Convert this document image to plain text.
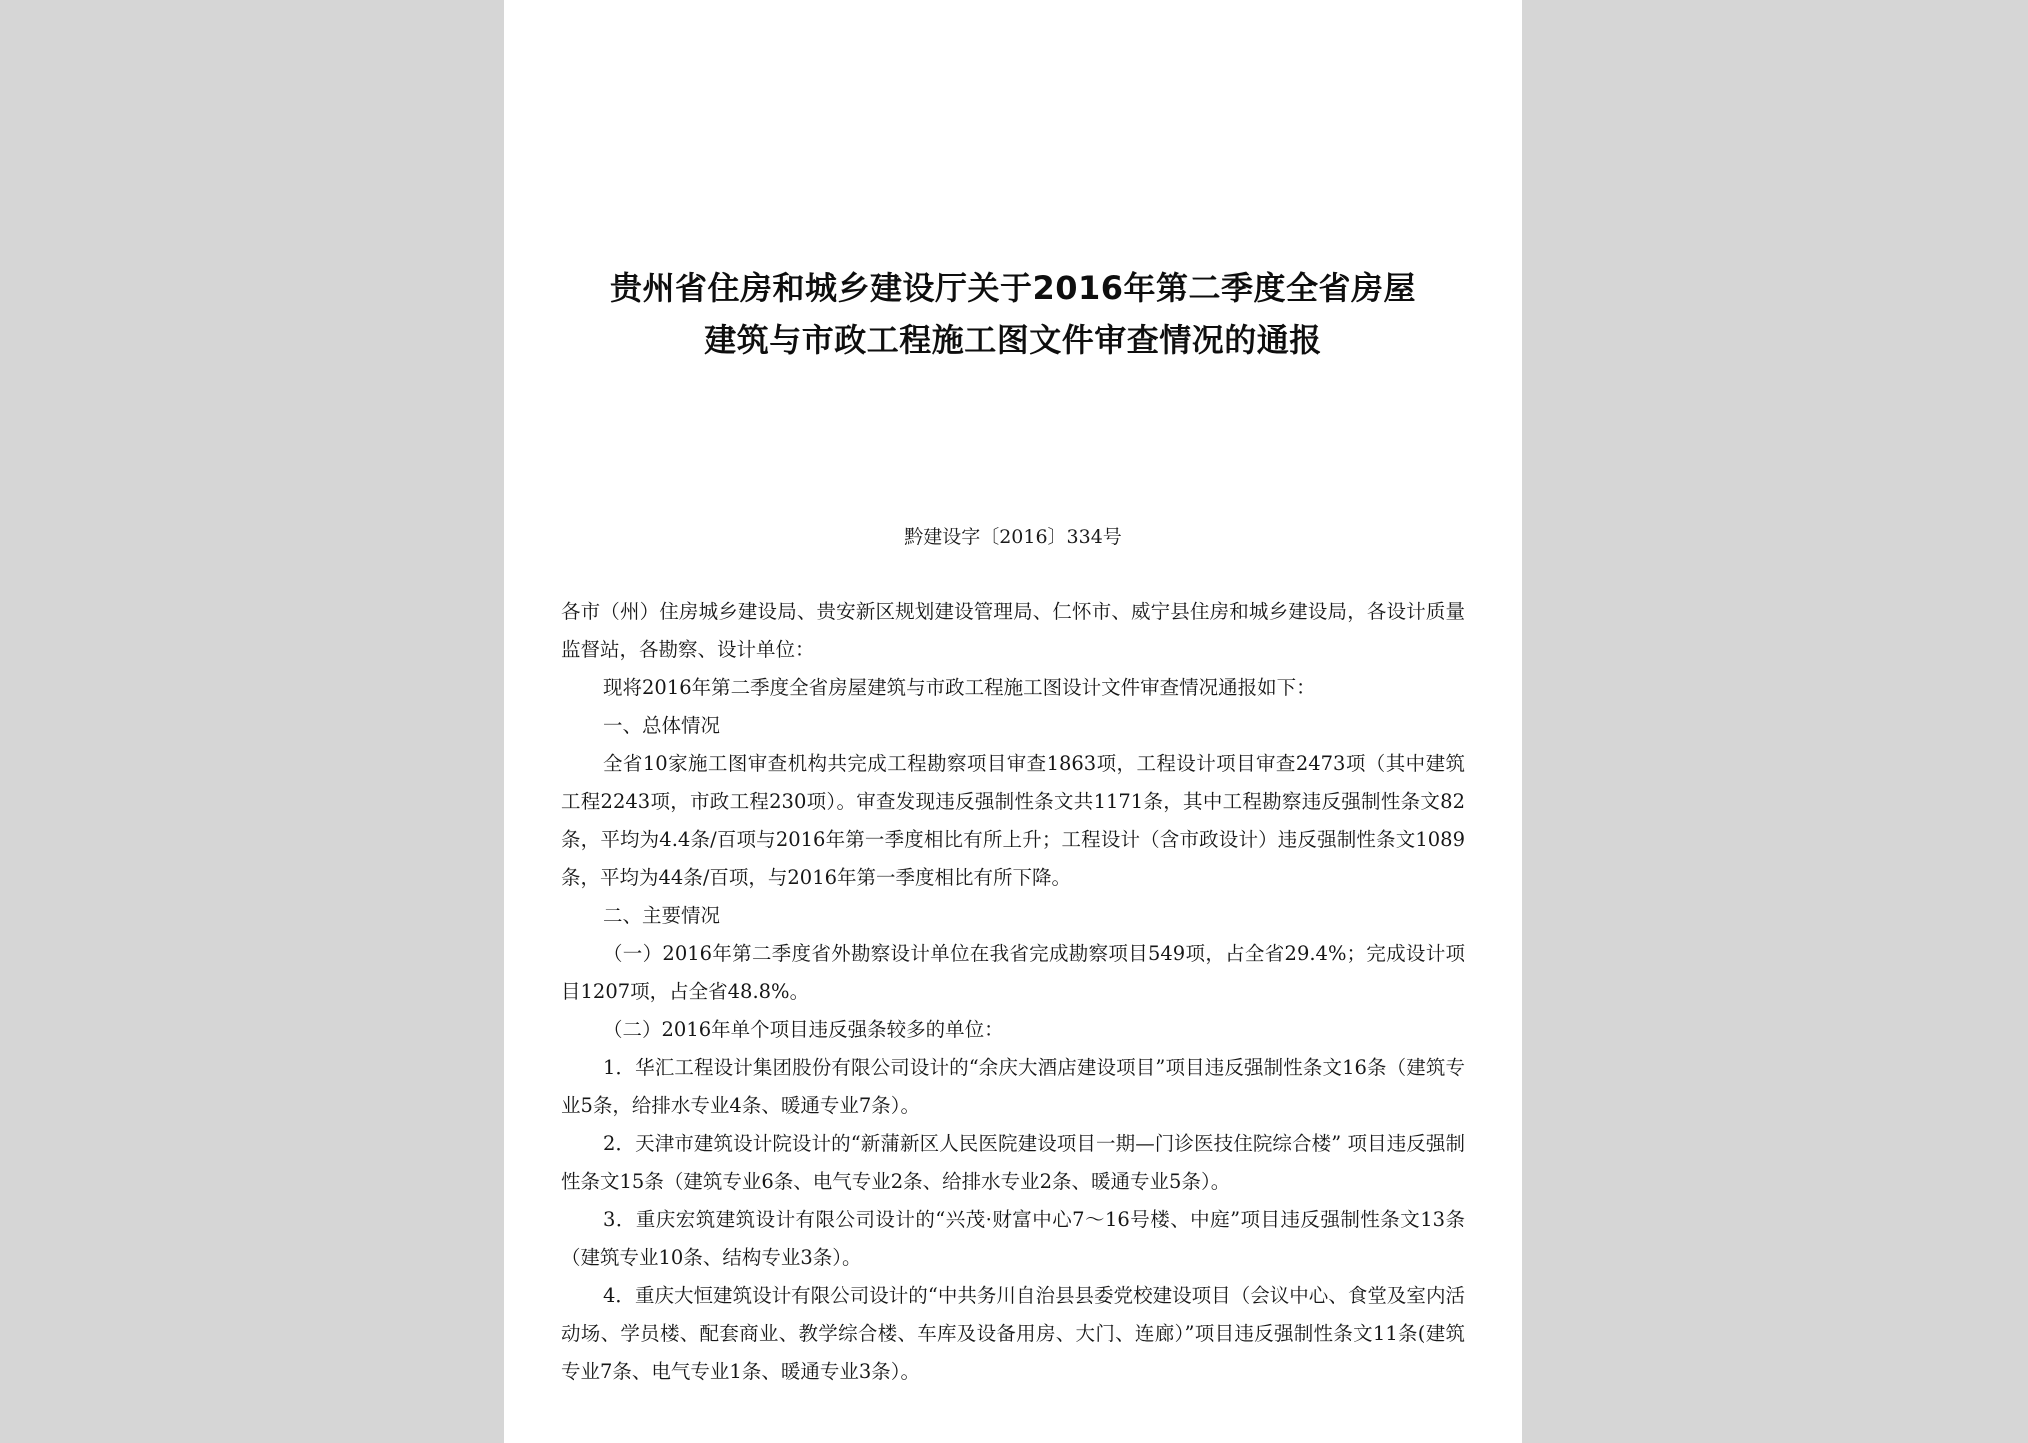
贵州省住房和城乡建设厅关于2016年第二季度全省房屋
建筑与市政工程施工图文件审查情况的通报
黔建设字〔2016〕334号

各市（州）住房城乡建设局、贵安新区规划建设管理局、仁怀市、威宁县住房和城乡建设局，各设计质量监督站，各勘察、设计单位：

现将2016年第二季度全省房屋建筑与市政工程施工图设计文件审查情况通报如下：

一、总体情况

全省10家施工图审查机构共完成工程勘察项目审查1863项，工程设计项目审查2473项（其中建筑工程2243项，市政工程230项）。审查发现违反强制性条文共1171条，其中工程勘察违反强制性条文82条，平均为4.4条/百项与2016年第一季度相比有所上升；工程设计（含市政设计）违反强制性条文1089条，平均为44条/百项，与2016年第一季度相比有所下降。

二、主要情况

（一）2016年第二季度省外勘察设计单位在我省完成勘察项目549项，占全省29.4%；完成设计项目1207项，占全省48.8%。

（二）2016年单个项目违反强条较多的单位：

1．华汇工程设计集团股份有限公司设计的“余庆大酒店建设项目”项目违反强制性条文16条（建筑专业5条，给排水专业4条、暖通专业7条）。

2．天津市建筑设计院设计的“新蒲新区人民医院建设项目一期—门诊医技住院综合楼” 项目违反强制性条文15条（建筑专业6条、电气专业2条、给排水专业2条、暖通专业5条）。

3．重庆宏筑建筑设计有限公司设计的“兴茂·财富中心7～16号楼、中庭”项目违反强制性条文13条（建筑专业10条、结构专业3条）。

4．重庆大恒建筑设计有限公司设计的“中共务川自治县县委党校建设项目（会议中心、食堂及室内活动场、学员楼、配套商业、教学综合楼、车库及设备用房、大门、连廊）”项目违反强制性条文11条(建筑专业7条、电气专业1条、暖通专业3条）。
